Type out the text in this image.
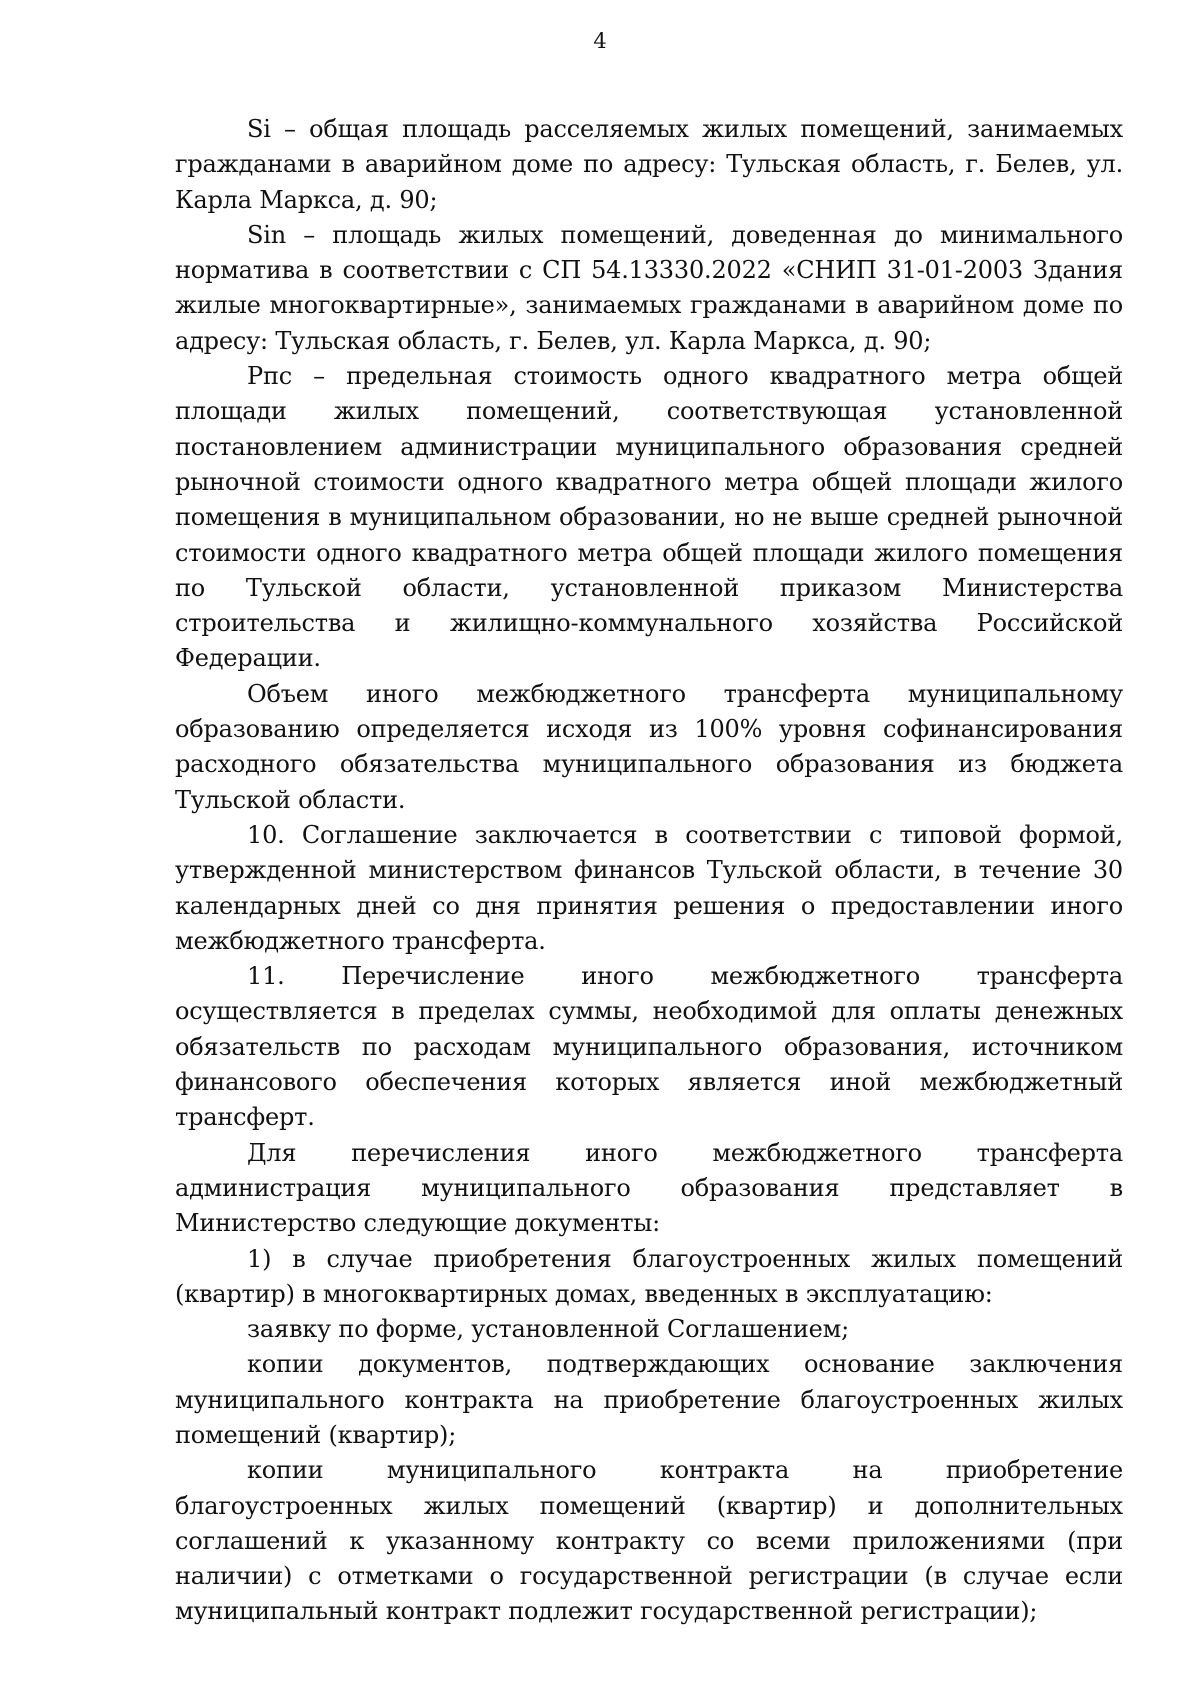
4

Si – общая площадь расселяемых жилых помещений, занимаемых гражданами в аварийном доме по адресу: Тульская область, г. Белев, ул. Карла Маркса, д. 90;

Sin – площадь жилых помещений, доведенная до минимального норматива в соответствии с СП 54.13330.2022 «СНИП 31-01-2003 Здания жилые многоквартирные», занимаемых гражданами в аварийном доме по адресу: Тульская область, г. Белев, ул. Карла Маркса, д. 90;

Рпс – предельная стоимость одного квадратного метра общей площади жилых помещений, соответствующая установленной постановлением администрации муниципального образования средней рыночной стоимости одного квадратного метра общей площади жилого помещения в муниципальном образовании, но не выше средней рыночной стоимости одного квадратного метра общей площади жилого помещения по Тульской области, установленной приказом Министерства строительства и жилищно-коммунального хозяйства Российской Федерации.

Объем иного межбюджетного трансферта муниципальному образованию определяется исходя из 100% уровня софинансирования расходного обязательства муниципального образования из бюджета Тульской области.

10. Соглашение заключается в соответствии с типовой формой, утвержденной министерством финансов Тульской области, в течение 30 календарных дней со дня принятия решения о предоставлении иного межбюджетного трансферта.

11. Перечисление иного межбюджетного трансферта осуществляется в пределах суммы, необходимой для оплаты денежных обязательств по расходам муниципального образования, источником финансового обеспечения которых является иной межбюджетный трансферт.

Для перечисления иного межбюджетного трансферта администрация муниципального образования представляет в Министерство следующие документы:

1) в случае приобретения благоустроенных жилых помещений (квартир) в многоквартирных домах, введенных в эксплуатацию:

заявку по форме, установленной Соглашением;

копии документов, подтверждающих основание заключения муниципального контракта на приобретение благоустроенных жилых помещений (квартир);

копии муниципального контракта на приобретение благоустроенных жилых помещений (квартир) и дополнительных соглашений к указанному контракту со всеми приложениями (при наличии) с отметками о государственной регистрации (в случае если муниципальный контракт подлежит государственной регистрации);
